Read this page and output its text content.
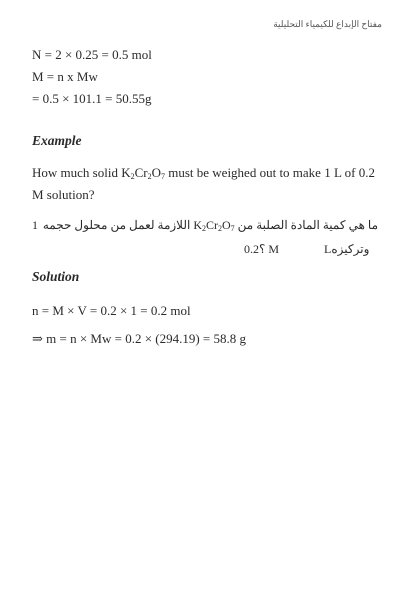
مفتاح الإبداع للكيمياء التحليلية
N = 2 × 0.25 = 0.5 mol
M = n x Mw
= 0.5 × 101.1 = 50.55g
Example
How much solid $K_2Cr_2O_7$ must be weighed out to make 1 L of 0.2 M solution?
1	ما هي كمية المادة الصلبة من $K_2Cr_2O_7$ اللازمة لعمل من محلول حجمه
؟0.2 M	وتركيزهL
Solution
n = M × V = 0.2 × 1 = 0.2 mol
⇒ m = n × Mw = 0.2 × (294.19) = 58.8 g
